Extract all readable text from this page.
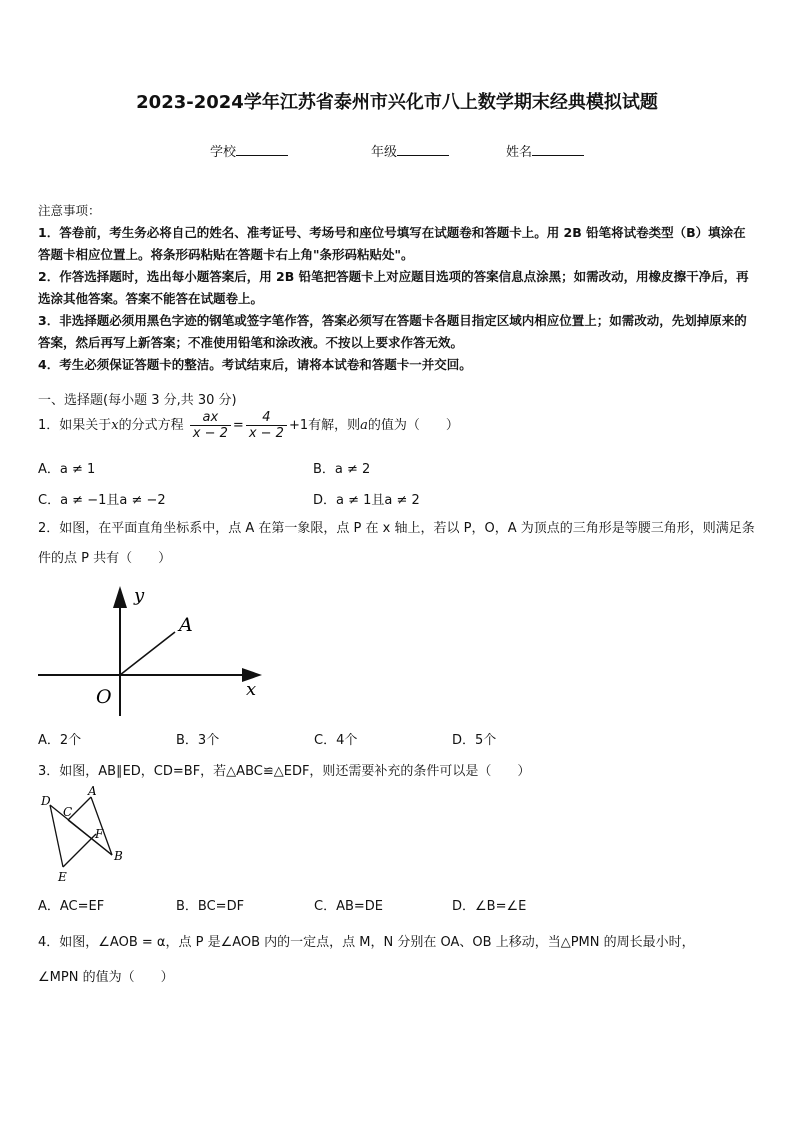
2023-2024学年江苏省泰州市兴化市八上数学期末经典模拟试题
学校	年级	姓名
注意事项：
1．答卷前，考生务必将自己的姓名、准考证号、考场号和座位号填写在试题卷和答题卡上。用 2B 铅笔将试卷类型（B）填涂在答题卡相应位置上。将条形码粘贴在答题卡右上角"条形码粘贴处"。
2．作答选择题时，选出每小题答案后，用 2B 铅笔把答题卡上对应题目选项的答案信息点涂黑；如需改动，用橡皮擦干净后，再选涂其他答案。答案不能答在试题卷上。
3．非选择题必须用黑色字迹的钢笔或签字笔作答，答案必须写在答题卡各题目指定区域内相应位置上；如需改动，先划掉原来的答案，然后再写上新答案；不准使用铅笔和涂改液。不按以上要求作答无效。
4．考生必须保证答题卡的整洁。考试结束后，请将本试卷和答题卡一并交回。
一、选择题(每小题 3 分,共 30 分)
1．如果关于x的分式方程 $\frac{ax}{x - 2} = \frac{4}{x - 2} +1$有解，则a的值为（　　）
A．a ≠ 1	B．a ≠ 2
C．a ≠ −1且a ≠ −2	D．a ≠ 1且a ≠ 2
2．如图，在平面直角坐标系中，点 A 在第一象限，点 P 在 x 轴上，若以 P，O，A 为顶点的三角形是等腰三角形，则满足条件的点 P 共有（　　）
y
x
O
A
A．2个	B．3个	C．4个	D．5个
3．如图，AB∥ED，CD=BF，若△ABC≌△EDF，则还需要补充的条件可以是（　　）
D
C
A
F
B
E
A．AC=EF	B．BC=DF	C．AB=DE	D．∠B=∠E
4．如图，∠AOB = α，点 P 是∠AOB 内的一定点，点 M，N 分别在 OA、OB 上移动，当△PMN 的周长最小时，
∠MPN 的值为（　　）
